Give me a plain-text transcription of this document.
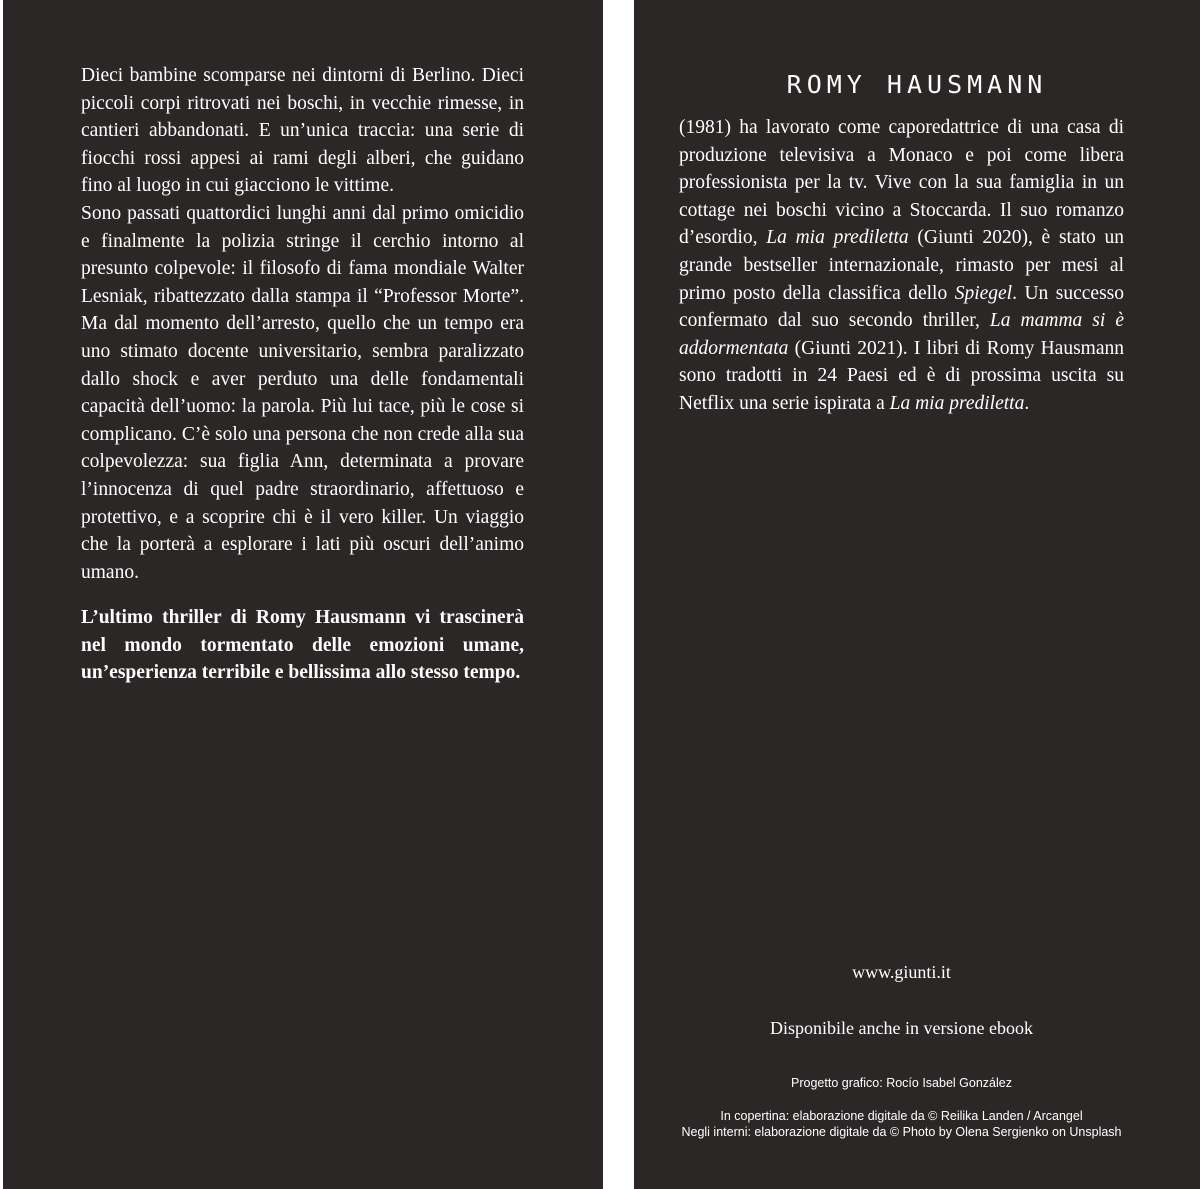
Dieci bambine scomparse nei dintorni di Berlino. Dieci piccoli corpi ritrovati nei boschi, in vecchie rimesse, in cantieri abbandonati. E un’unica traccia: una serie di fiocchi rossi appesi ai rami degli alberi, che guidano fino al luogo in cui giacciono le vittime.

Sono passati quattordici lunghi anni dal primo omicidio e finalmente la polizia stringe il cerchio intorno al presunto colpevole: il filosofo di fama mondiale Walter Lesniak, ribattezzato dalla stampa il “Professor Morte”. Ma dal momento dell’arresto, quello che un tempo era uno stimato docente universitario, sembra paralizzato dallo shock e aver perduto una delle fondamentali capacità dell’uomo: la parola. Più lui tace, più le cose si complicano. C’è solo una persona che non crede alla sua colpevolezza: sua figlia Ann, determinata a provare l’innocenza di quel padre straordinario, affettuoso e protettivo, e a scoprire chi è il vero killer. Un viaggio che la porterà a esplorare i lati più oscuri dell’animo umano.

L’ultimo thriller di Romy Hausmann vi trascinerà nel mondo tormentato delle emozioni umane, un’esperienza terribile e bellissima allo stesso tempo.

ROMY HAUSMANN

(1981) ha lavorato come caporedattrice di una casa di produzione televisiva a Monaco e poi come libera professionista per la tv. Vive con la sua famiglia in un cottage nei boschi vicino a Stoccarda. Il suo romanzo d’esordio, La mia prediletta (Giunti 2020), è stato un grande bestseller internazionale, rimasto per mesi al primo posto della classifica dello Spiegel. Un successo confermato dal suo secondo thriller, La mamma si è addormentata (Giunti 2021). I libri di Romy Hausmann sono tradotti in 24 Paesi ed è di prossima uscita su Netflix una serie ispirata a La mia prediletta.

www.giunti.it

Disponibile anche in versione ebook

Progetto grafico: Rocío Isabel González

In copertina: elaborazione digitale da © Reilika Landen / Arcangel

Negli interni: elaborazione digitale da © Photo by Olena Sergienko on Unsplash
